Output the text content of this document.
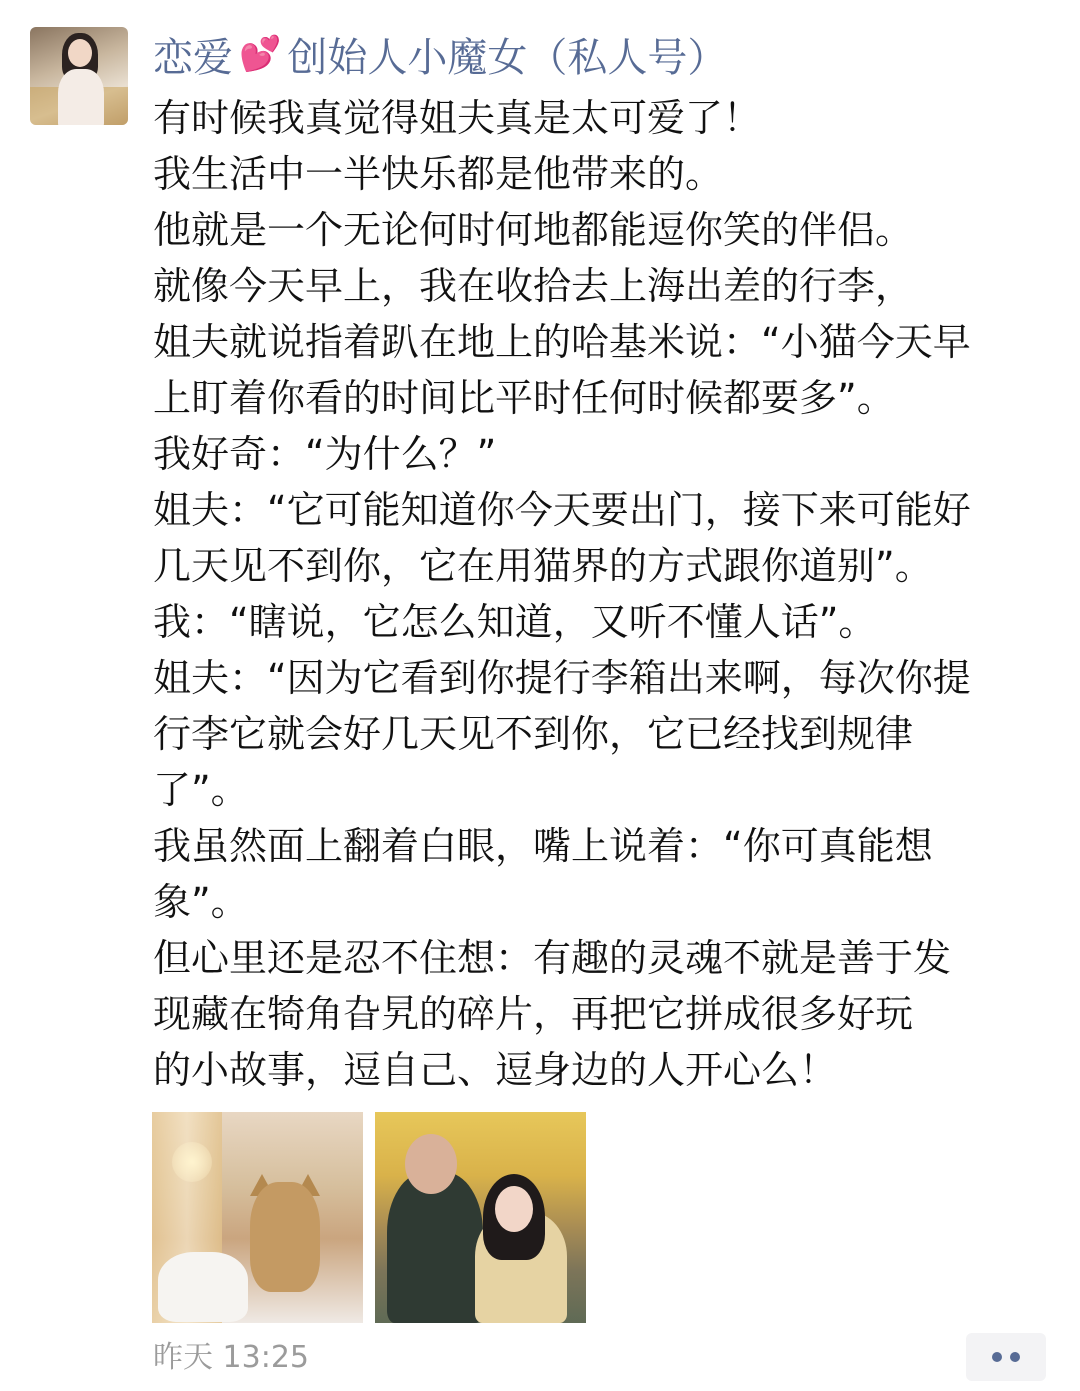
恋爱 💕 创始人小魔女（私人号）
有时候我真觉得姐夫真是太可爱了！
我生活中一半快乐都是他带来的。
他就是一个无论何时何地都能逗你笑的伴侣。
就像今天早上，我在收拾去上海出差的行李，
姐夫就说指着趴在地上的哈基米说：“小猫今天早
上盯着你看的时间比平时任何时候都要多”。
我好奇：“为什么？”
姐夫：“它可能知道你今天要出门，接下来可能好
几天见不到你，它在用猫界的方式跟你道别”。
我：“瞎说，它怎么知道，又听不懂人话”。
姐夫：“因为它看到你提行李箱出来啊，每次你提
行李它就会好几天见不到你，它已经找到规律
了”。
我虽然面上翻着白眼，嘴上说着：“你可真能想
象”。
但心里还是忍不住想：有趣的灵魂不就是善于发
现藏在犄角旮旯的碎片，再把它拼成很多好玩
的小故事，逗自己、逗身边的人开心么！
昨天 13:25
